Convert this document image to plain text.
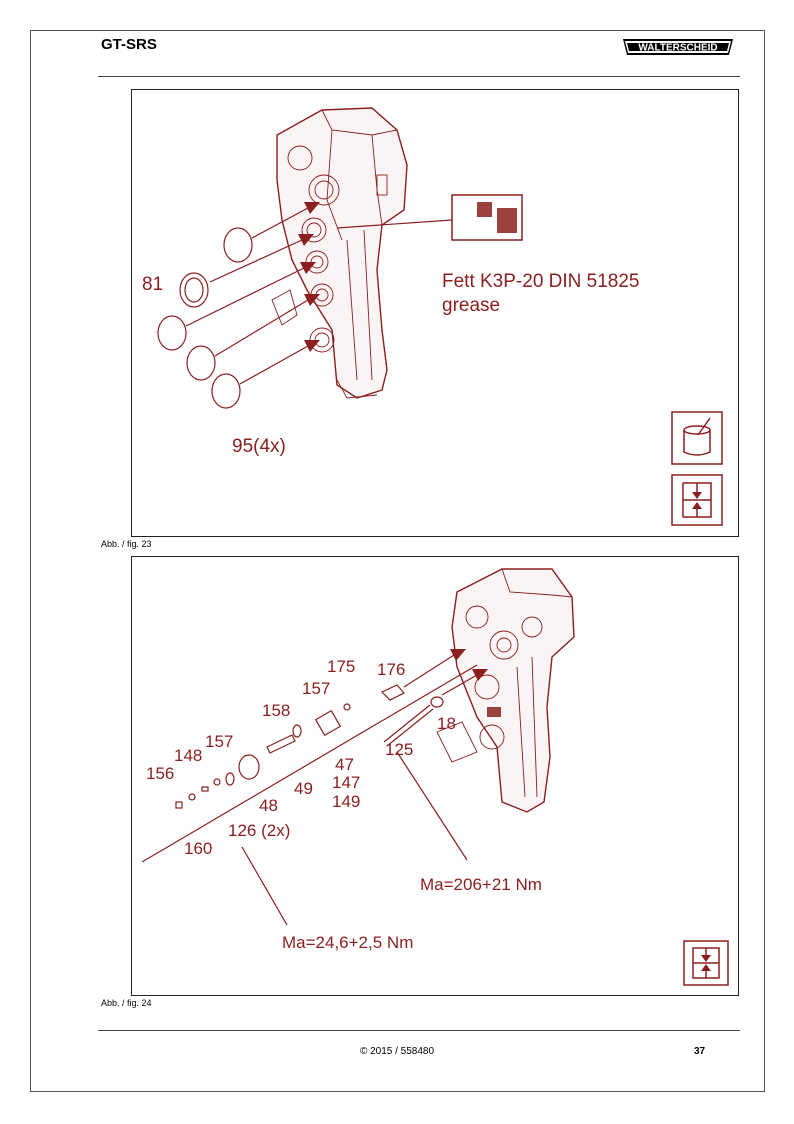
GT-SRS	WALTERSCHEID
81	Fett K3P-20 DIN 51825
grease
95(4x)
Abb. / fig. 23
175 176
157
158
18
148
157
156
125
47
147
149
49
48
126 (2x)
160
Ma=206+21 Nm
Ma=24,6+2,5 Nm
Abb. / fig. 24
© 2015 / 558480	37
